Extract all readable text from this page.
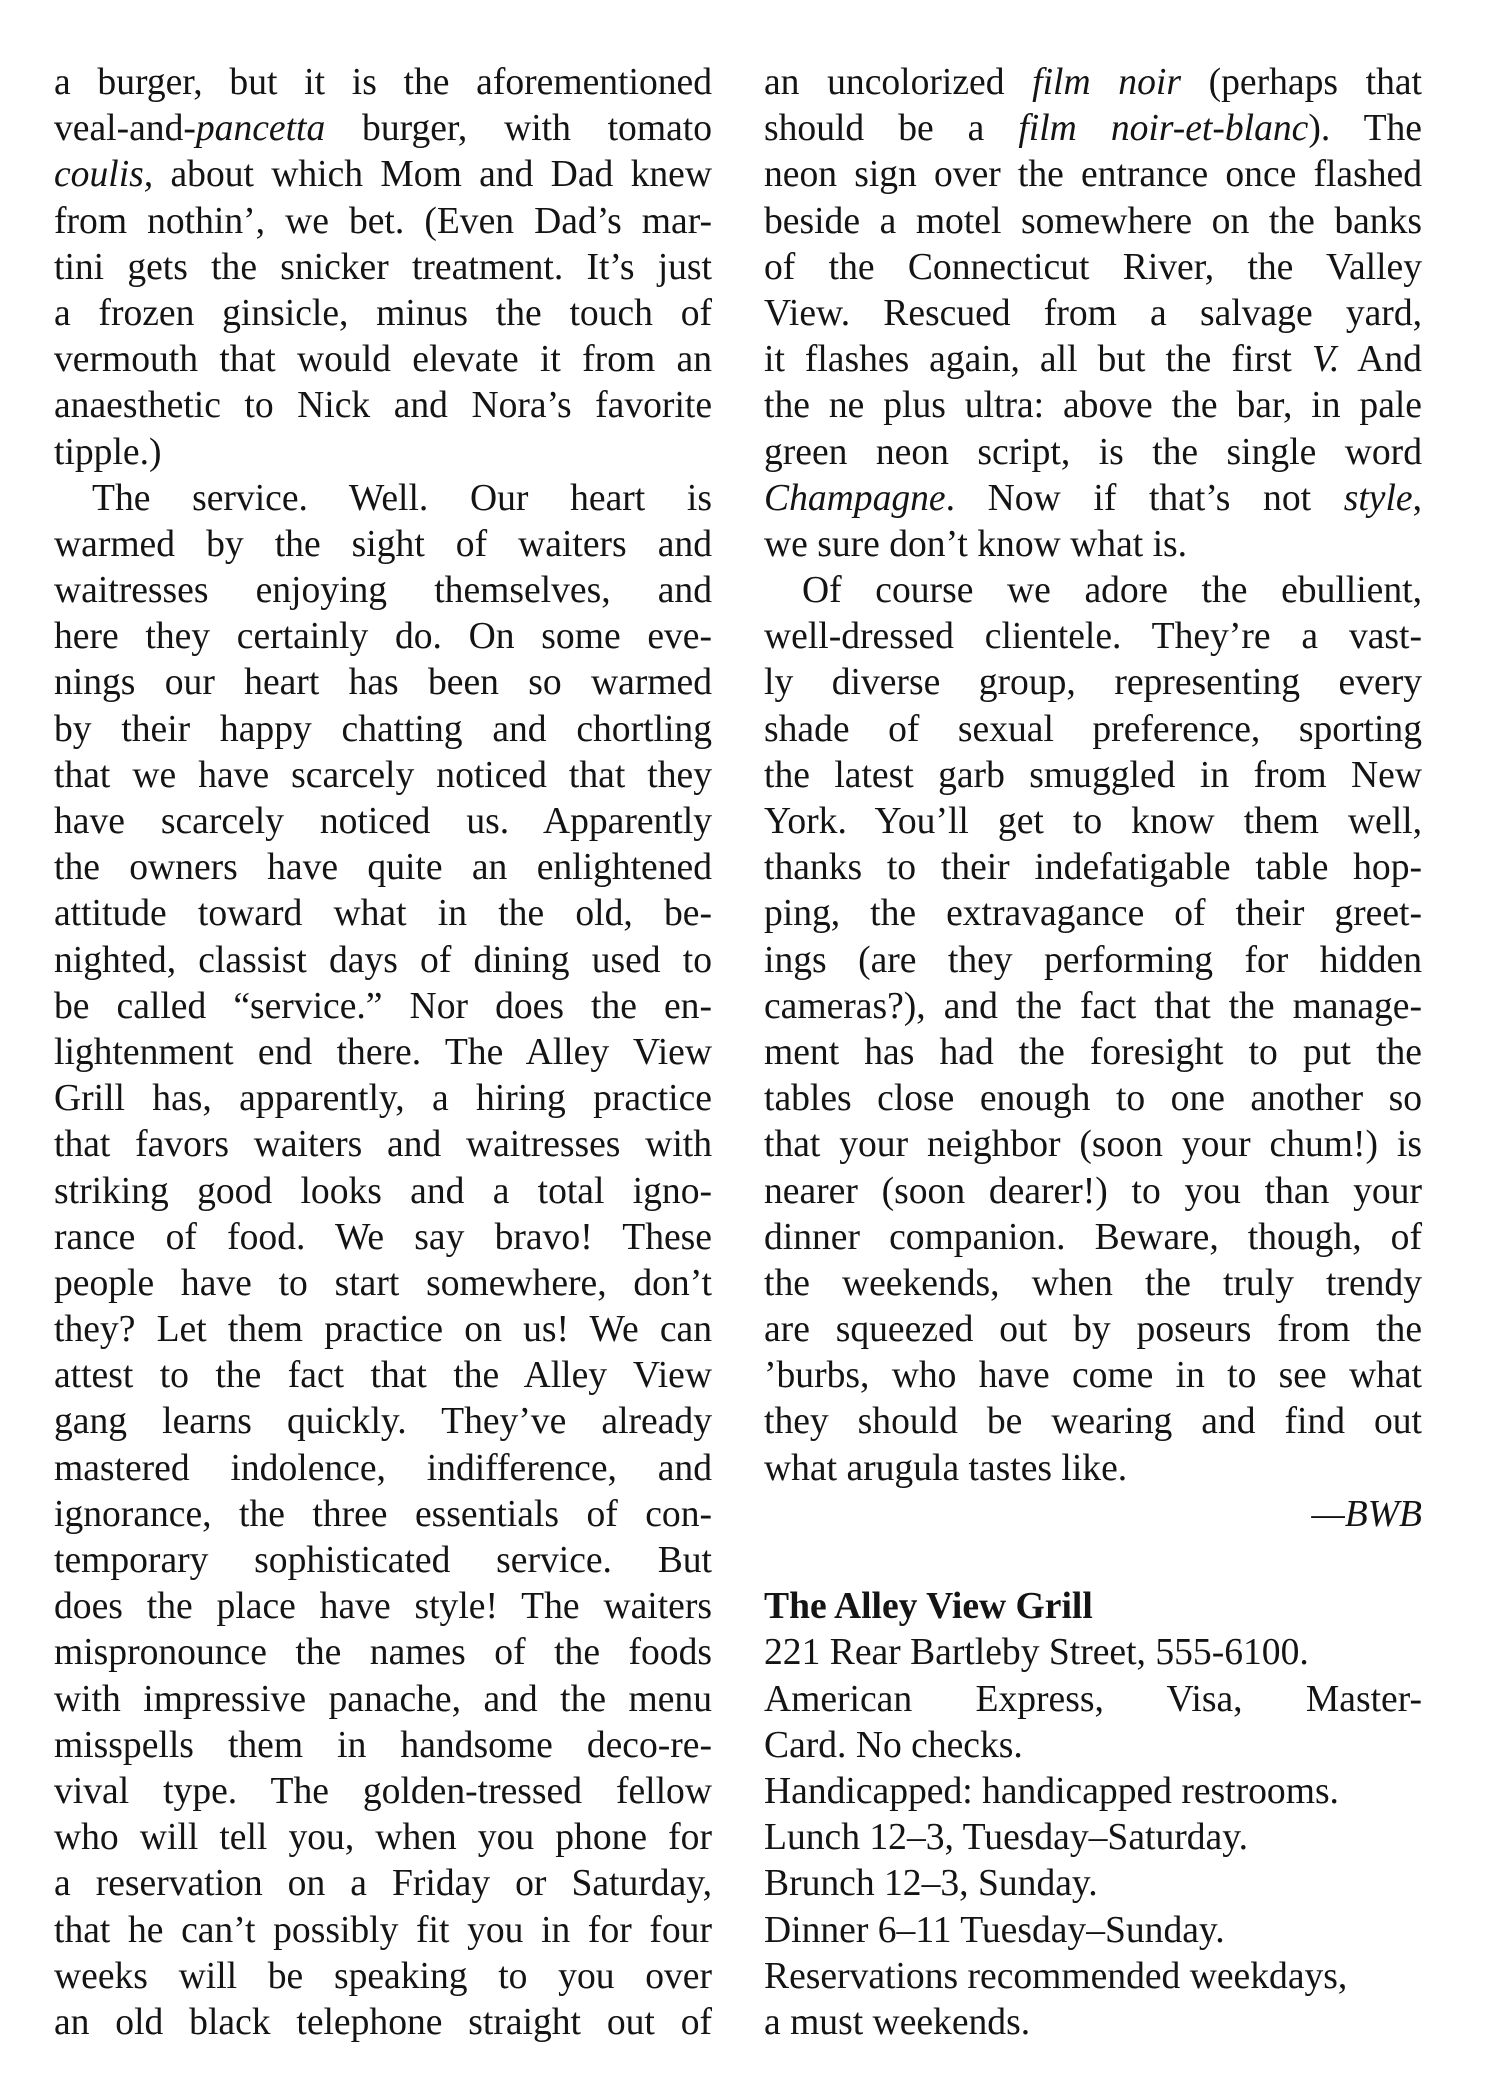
a burger, but it is the aforementioned
veal-and-pancetta burger, with tomato
coulis, about which Mom and Dad knew
from nothin’, we bet. (Even Dad’s mar-
tini gets the snicker treatment. It’s just
a frozen ginsicle, minus the touch of
vermouth that would elevate it from an
anaesthetic to Nick and Nora’s favorite
tipple.)
The service. Well. Our heart is
warmed by the sight of waiters and
waitresses enjoying themselves, and
here they certainly do. On some eve-
nings our heart has been so warmed
by their happy chatting and chortling
that we have scarcely noticed that they
have scarcely noticed us. Apparently
the owners have quite an enlightened
attitude toward what in the old, be-
nighted, classist days of dining used to
be called “service.” Nor does the en-
lightenment end there. The Alley View
Grill has, apparently, a hiring practice
that favors waiters and waitresses with
striking good looks and a total igno-
rance of food. We say bravo! These
people have to start somewhere, don’t
they? Let them practice on us! We can
attest to the fact that the Alley View
gang learns quickly. They’ve already
mastered indolence, indifference, and
ignorance, the three essentials of con-
temporary sophisticated service. But
does the place have style! The waiters
mispronounce the names of the foods
with impressive panache, and the menu
misspells them in handsome deco-re-
vival type. The golden-tressed fellow
who will tell you, when you phone for
a reservation on a Friday or Saturday,
that he can’t possibly fit you in for four
weeks will be speaking to you over
an old black telephone straight out of
an uncolorized film noir (perhaps that
should be a film noir-et-blanc). The
neon sign over the entrance once flashed
beside a motel somewhere on the banks
of the Connecticut River, the Valley
View. Rescued from a salvage yard,
it flashes again, all but the first V. And
the ne plus ultra: above the bar, in pale
green neon script, is the single word
Champagne. Now if that’s not style,
we sure don’t know what is.
Of course we adore the ebullient,
well-dressed clientele. They’re a vast-
ly diverse group, representing every
shade of sexual preference, sporting
the latest garb smuggled in from New
York. You’ll get to know them well,
thanks to their indefatigable table hop-
ping, the extravagance of their greet-
ings (are they performing for hidden
cameras?), and the fact that the manage-
ment has had the foresight to put the
tables close enough to one another so
that your neighbor (soon your chum!) is
nearer (soon dearer!) to you than your
dinner companion. Beware, though, of
the weekends, when the truly trendy
are squeezed out by poseurs from the
’burbs, who have come in to see what
they should be wearing and find out
what arugula tastes like.
—BWB
The Alley View Grill
221 Rear Bartleby Street, 555-6100.
American Express, Visa, Master-
Card. No checks.
Handicapped: handicapped restrooms.
Lunch 12–3, Tuesday–Saturday.
Brunch 12–3, Sunday.
Dinner 6–11 Tuesday–Sunday.
Reservations recommended weekdays,
a must weekends.
